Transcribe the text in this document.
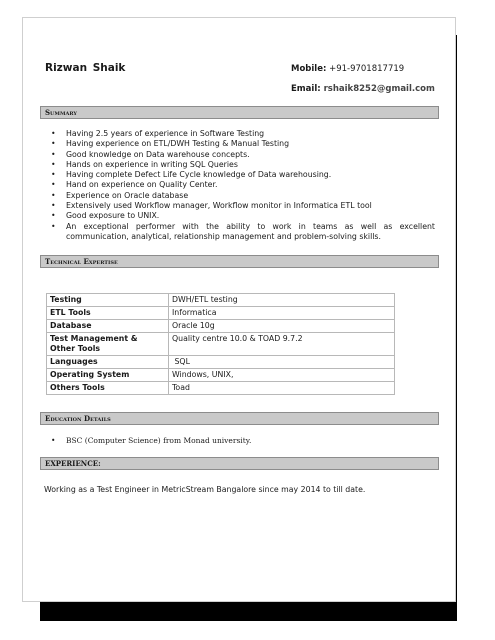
Rizwan Shaik	Mobile: +91-9701817719
Email: rshaik8252@gmail.com
Summary
• Having 2.5 years of experience in Software Testing
• Having experience on ETL/DWH Testing & Manual Testing
• Good knowledge on Data warehouse concepts.
• Hands on experience in writing SQL Queries
• Having complete Defect Life Cycle knowledge of Data warehousing.
• Hand on experience on Quality Center.
• Experience on Oracle database
• Extensively used Workflow manager, Workflow monitor in Informatica ETL tool
• Good exposure to UNIX.
• An exceptional performer with the ability to work in teams as well as excellent communication, analytical, relationship management and problem-solving skills.
Technical Expertise
Testing	DWH/ETL testing
ETL Tools	Informatica
Database	Oracle 10g
Test Management & Other Tools	Quality centre 10.0 & TOAD 9.7.2
Languages	SQL
Operating System	Windows, UNIX,
Others Tools	Toad
Education Details
• BSC (Computer Science) from Monad university.
EXPERIENCE:
Working as a Test Engineer in MetricStream Bangalore since may 2014 to till date.
